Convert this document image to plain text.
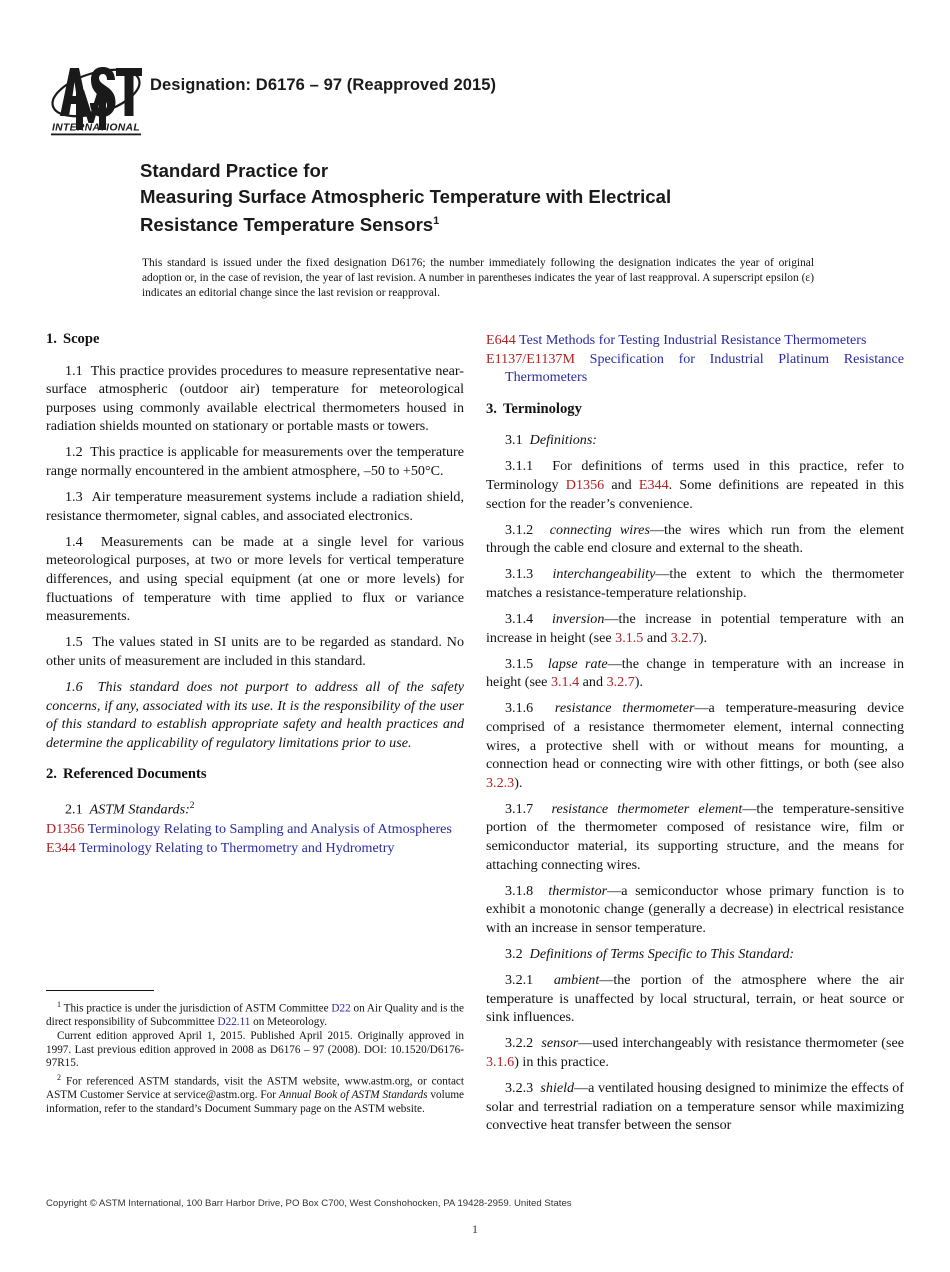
INTERNATIONAL
Designation: D6176 – 97 (Reapproved 2015)
Standard Practice for
Measuring Surface Atmospheric Temperature with Electrical
Resistance Temperature Sensors$^1$
This standard is issued under the fixed designation D6176; the number immediately following the designation indicates the year of original adoption or, in the case of revision, the year of last revision. A number in parentheses indicates the year of last reapproval. A superscript epsilon (ε) indicates an editorial change since the last revision or reapproval.
1. Scope

1.1  This practice provides procedures to measure representative near-surface atmospheric (outdoor air) temperature for meteorological purposes using commonly available electrical thermometers housed in radiation shields mounted on stationary or portable masts or towers.

1.2  This practice is applicable for measurements over the temperature range normally encountered in the ambient atmosphere, –50 to +50°C.

1.3  Air temperature measurement systems include a radiation shield, resistance thermometer, signal cables, and associated electronics.

1.4  Measurements can be made at a single level for various meteorological purposes, at two or more levels for vertical temperature differences, and using special equipment (at one or more levels) for fluctuations of temperature with time applied to flux or variance measurements.

1.5  The values stated in SI units are to be regarded as standard. No other units of measurement are included in this standard.

1.6  This standard does not purport to address all of the safety concerns, if any, associated with its use. It is the responsibility of the user of this standard to establish appropriate safety and health practices and determine the applicability of regulatory limitations prior to use.

2. Referenced Documents

2.1 ASTM Standards:$^2$

D1356 Terminology Relating to Sampling and Analysis of Atmospheres

E344 Terminology Relating to Thermometry and Hydrometry

E644 Test Methods for Testing Industrial Resistance Thermometers

E1137/E1137M Specification for Industrial Platinum Resistance Thermometers

3. Terminology

3.1 Definitions:

3.1.1 For definitions of terms used in this practice, refer to Terminology D1356 and E344. Some definitions are repeated in this section for the reader’s convenience.

3.1.2 connecting wires—the wires which run from the element through the cable end closure and external to the sheath.

3.1.3 interchangeability—the extent to which the thermometer matches a resistance-temperature relationship.

3.1.4 inversion—the increase in potential temperature with an increase in height (see 3.1.5 and 3.2.7).

3.1.5 lapse rate—the change in temperature with an increase in height (see 3.1.4 and 3.2.7).

3.1.6 resistance thermometer—a temperature-measuring device comprised of a resistance thermometer element, internal connecting wires, a protective shell with or without means for mounting, a connection head or connecting wire with other fittings, or both (see also 3.2.3).

3.1.7 resistance thermometer element—the temperature-sensitive portion of the thermometer composed of resistance wire, film or semiconductor material, its supporting structure, and the means for attaching connecting wires.

3.1.8 thermistor—a semiconductor whose primary function is to exhibit a monotonic change (generally a decrease) in electrical resistance with an increase in sensor temperature.

3.2 Definitions of Terms Specific to This Standard:

3.2.1 ambient—the portion of the atmosphere where the air temperature is unaffected by local structural, terrain, or heat source or sink influences.

3.2.2 sensor—used interchangeably with resistance thermometer (see 3.1.6) in this practice.

3.2.3 shield—a ventilated housing designed to minimize the effects of solar and terrestrial radiation on a temperature sensor while maximizing convective heat transfer between the sensor

$^1$ This practice is under the jurisdiction of ASTM Committee D22 on Air Quality and is the direct responsibility of Subcommittee D22.11 on Meteorology.

Current edition approved April 1, 2015. Published April 2015. Originally approved in 1997. Last previous edition approved in 2008 as D6176 – 97 (2008). DOI: 10.1520/D6176-97R15.

$^2$ For referenced ASTM standards, visit the ASTM website, www.astm.org, or contact ASTM Customer Service at service@astm.org. For Annual Book of ASTM Standards volume information, refer to the standard’s Document Summary page on the ASTM website.

Copyright © ASTM International, 100 Barr Harbor Drive, PO Box C700, West Conshohocken, PA 19428-2959. United States
1
